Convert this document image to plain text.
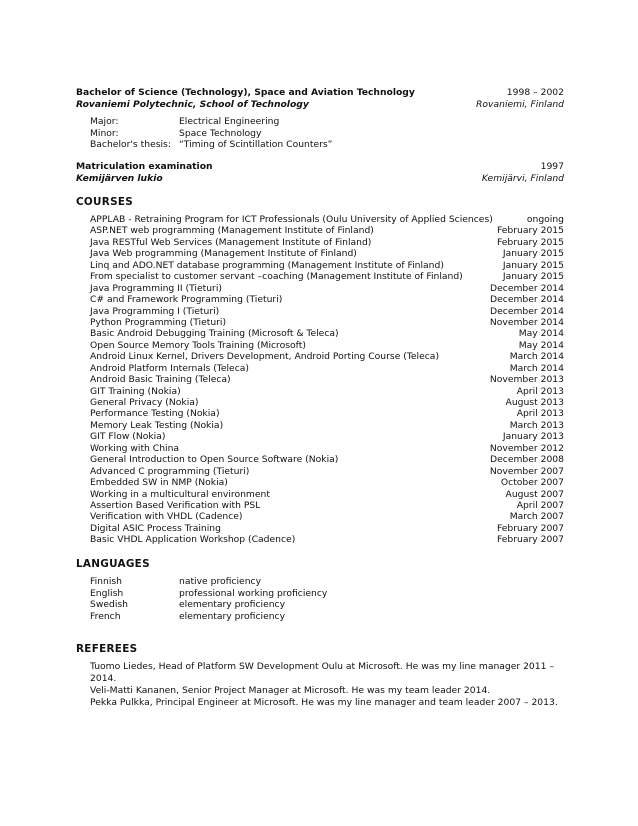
Bachelor of Science (Technology), Space and Aviation Technology	1998 – 2002
Rovaniemi Polytechnic, School of Technology	Rovaniemi, Finland
Major:	Electrical Engineering
Minor:	Space Technology
Bachelor's thesis: “Timing of Scintillation Counters”
Matriculation examination	1997
Kemijärven lukio	Kemijärvi, Finland
COURSES
APPLAB - Retraining Program for ICT Professionals (Oulu University of Applied Sciences)	ongoing
ASP.NET web programming (Management Institute of Finland)	February 2015
Java RESTful Web Services (Management Institute of Finland)	February 2015
Java Web programming (Management Institute of Finland)	January 2015
Linq and ADO.NET database programming (Management Institute of Finland)	January 2015
From specialist to customer servant –coaching (Management Institute of Finland)	January 2015
Java Programming II (Tieturi)	December 2014
C# and Framework Programming (Tieturi)	December 2014
Java Programming I (Tieturi)	December 2014
Python Programming (Tieturi)	November 2014
Basic Android Debugging Training (Microsoft & Teleca)	May 2014
Open Source Memory Tools Training (Microsoft)	May 2014
Android Linux Kernel, Drivers Development, Android Porting Course (Teleca)	March 2014
Android Platform Internals (Teleca)	March 2014
Android Basic Training (Teleca)	November 2013
GIT Training (Nokia)	April 2013
General Privacy (Nokia)	August 2013
Performance Testing (Nokia)	April 2013
Memory Leak Testing (Nokia)	March 2013
GIT Flow (Nokia)	January 2013
Working with China	November 2012
General Introduction to Open Source Software (Nokia)	December 2008
Advanced C programming (Tieturi)	November 2007
Embedded SW in NMP (Nokia)	October 2007
Working in a multicultural environment	August 2007
Assertion Based Verification with PSL	April 2007
Verification with VHDL (Cadence)	March 2007
Digital ASIC Process Training	February 2007
Basic VHDL Application Workshop (Cadence)	February 2007
LANGUAGES
Finnish	native proficiency
English	professional working proficiency
Swedish	elementary proficiency
French	elementary proficiency
REFEREES
Tuomo Liedes, Head of Platform SW Development Oulu at Microsoft. He was my line manager 2011 – 2014.
Veli-Matti Kananen, Senior Project Manager at Microsoft. He was my team leader 2014.
Pekka Pulkka, Principal Engineer at Microsoft. He was my line manager and team leader 2007 – 2013.
